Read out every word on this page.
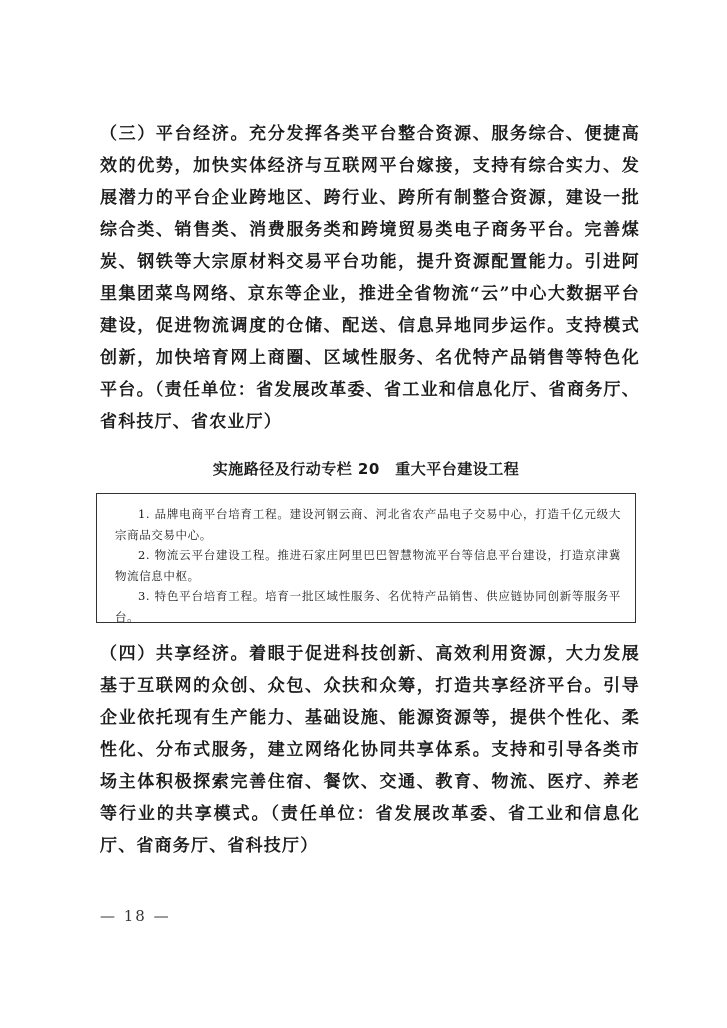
（三）平台经济。充分发挥各类平台整合资源、服务综合、便捷高效的优势，加快实体经济与互联网平台嫁接，支持有综合实力、发展潜力的平台企业跨地区、跨行业、跨所有制整合资源，建设一批综合类、销售类、消费服务类和跨境贸易类电子商务平台。完善煤炭、钢铁等大宗原材料交易平台功能，提升资源配置能力。引进阿里集团菜鸟网络、京东等企业，推进全省物流“云”中心大数据平台建设，促进物流调度的仓储、配送、信息异地同步运作。支持模式创新，加快培育网上商圈、区域性服务、名优特产品销售等特色化平台。（责任单位：省发展改革委、省工业和信息化厅、省商务厅、省科技厅、省农业厅）
实施路径及行动专栏 20　重大平台建设工程

1. 品牌电商平台培育工程。建设河钢云商、河北省农产品电子交易中心，打造千亿元级大宗商品交易中心。

2. 物流云平台建设工程。推进石家庄阿里巴巴智慧物流平台等信息平台建设，打造京津冀物流信息中枢。

3. 特色平台培育工程。培育一批区域性服务、名优特产品销售、供应链协同创新等服务平台。

（四）共享经济。着眼于促进科技创新、高效利用资源，大力发展基于互联网的众创、众包、众扶和众筹，打造共享经济平台。引导企业依托现有生产能力、基础设施、能源资源等，提供个性化、柔性化、分布式服务，建立网络化协同共享体系。支持和引导各类市场主体积极探索完善住宿、餐饮、交通、教育、物流、医疗、养老等行业的共享模式。（责任单位：省发展改革委、省工业和信息化厅、省商务厅、省科技厅）
— 18 —
